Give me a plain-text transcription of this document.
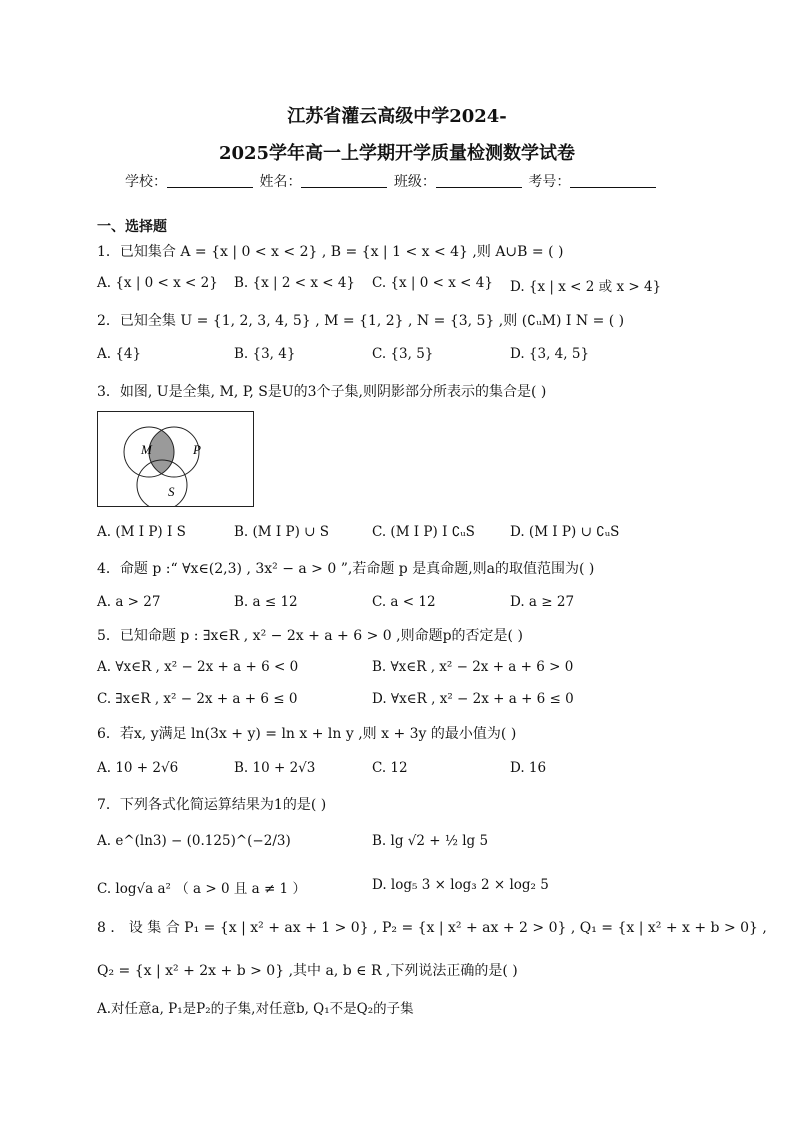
江苏省灌云高级中学2024-
2025学年高一上学期开学质量检测数学试卷
学校：	姓名：	班级：	考号：
一、选择题
1．已知集合 A = {x | 0 < x < 2} , B = {x | 1 < x < 4} ,则 A∪B = ( )
A. {x | 0 < x < 2} B. {x | 2 < x < 4} C. {x | 0 < x < 4} D. {x | x < 2 或 x > 4}
2．已知全集 U = {1, 2, 3, 4, 5} , M = {1, 2} , N = {3, 5} ,则 (∁ᵤM) I N = ( )
A. {4}	B. {3, 4}	C. {3, 5}	D. {3, 4, 5}
3．如图, U是全集, M, P, S是U的3个子集,则阴影部分所表示的集合是( )
M	P
S
A. (M I P) I S	B. (M I P) ∪ S	C. (M I P) I ∁ᵤS	D. (M I P) ∪ ∁ᵤS
4．命题 p :“ ∀x∈(2,3) , 3x² − a > 0 ”,若命题 p 是真命题,则a的取值范围为( )
A. a > 27	B. a ≤ 12	C. a < 12	D. a ≥ 27
5．已知命题 p : ∃x∈R , x² − 2x + a + 6 > 0 ,则命题p的否定是( )
A. ∀x∈R , x² − 2x + a + 6 < 0	B. ∀x∈R , x² − 2x + a + 6 > 0
C. ∃x∈R , x² − 2x + a + 6 ≤ 0	D. ∀x∈R , x² − 2x + a + 6 ≤ 0
6．若x, y满足 ln(3x + y) = ln x + ln y ,则 x + 3y 的最小值为( )
A. 10 + 2√6	B. 10 + 2√3	C. 12	D. 16
7．下列各式化简运算结果为1的是( )
A. e^(ln3) − (0.125)^(−2/3)	B. lg √2 + ½ lg 5
C. log√a a² （ a > 0 且 a ≠ 1 ）	D. log₅ 3 × log₃ 2 × log₂ 5
8 ． 设 集 合 P₁ = {x | x² + ax + 1 > 0} , P₂ = {x | x² + ax + 2 > 0} , Q₁ = {x | x² + x + b > 0} ,
Q₂ = {x | x² + 2x + b > 0} ,其中 a, b ∈ R ,下列说法正确的是( )
A.对任意a, P₁是P₂的子集,对任意b, Q₁不是Q₂的子集
